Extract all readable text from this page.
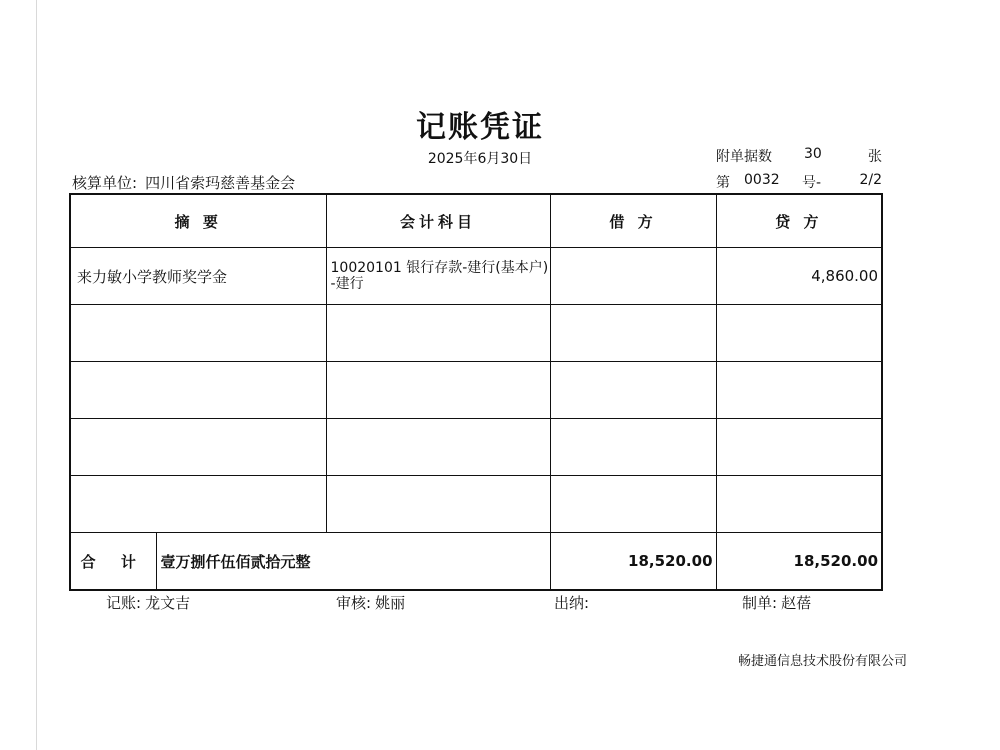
记账凭证
2025年6月30日
核算单位: 四川省索玛慈善基金会
附单据数 30	张
第 0032 号-	2/2
摘 要		会计科目	借 方	贷 方
来力敏小学教师奖学金		10020101 银行存款-建行(基本户)-建行		4,860.00

合 计	壹万捌仟伍佰贰拾元整		18,520.00	18,520.00
记账: 龙文吉	审核: 姚丽	出纳:	制单: 赵蓓
畅捷通信息技术股份有限公司
